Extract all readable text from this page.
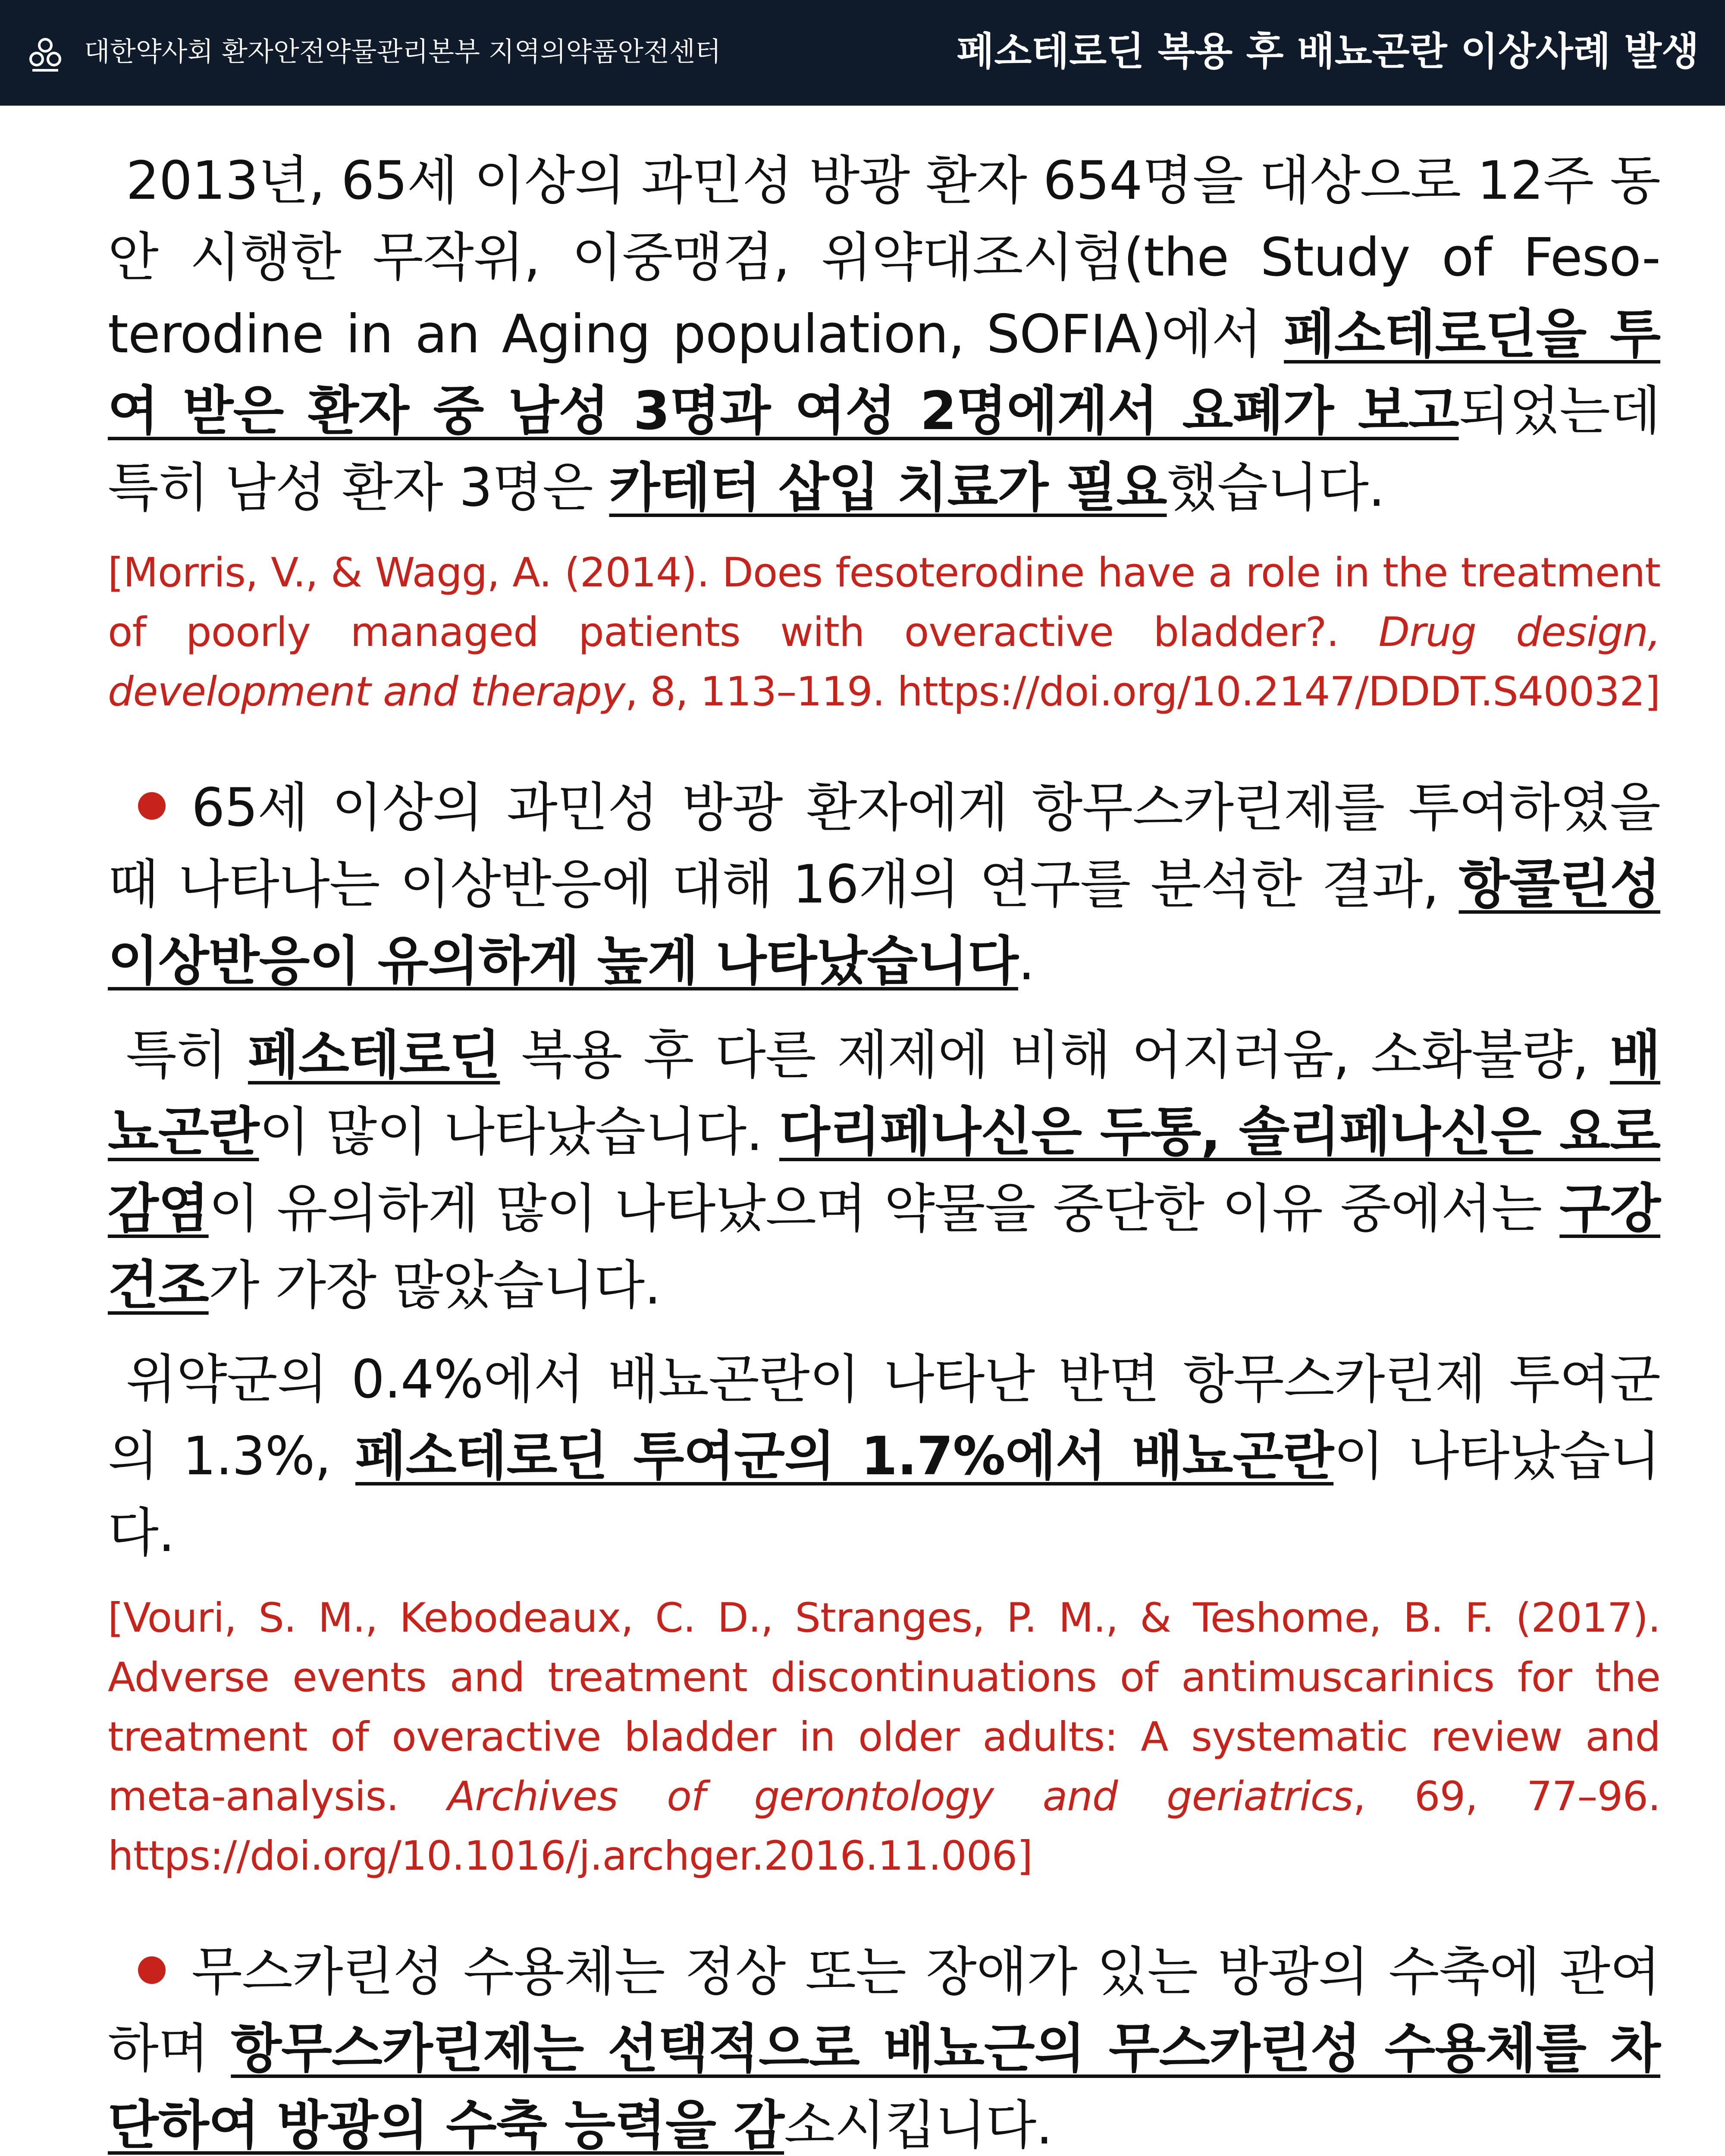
대한약사회 환자안전약물관리본부 지역의약품안전센터	페소테로딘 복용 후 배뇨곤란 이상사례 발생

2013년, 65세 이상의 과민성 방광 환자 654명을 대상으로 12주 동안 시행한 무작위, 이중맹검, 위약대조시험(the Study of Feso-terodine in an Aging population, SOFIA)에서 페소테로딘을 투여 받은 환자 중 남성 3명과 여성 2명에게서 요폐가 보고되었는데 특히 남성 환자 3명은 카테터 삽입 치료가 필요했습니다.

[Morris, V., & Wagg, A. (2014). Does fesoterodine have a role in the treatment of poorly managed patients with overactive bladder?. Drug design, development and therapy, 8, 113–119. https://doi.org/10.2147/DDDT.S40032]

65세 이상의 과민성 방광 환자에게 항무스카린제를 투여하였을 때 나타나는 이상반응에 대해 16개의 연구를 분석한 결과, 항콜린성 이상반응이 유의하게 높게 나타났습니다.

특히 페소테로딘 복용 후 다른 제제에 비해 어지러움, 소화불량, 배뇨곤란이 많이 나타났습니다. 다리페나신은 두통, 솔리페나신은 요로감염이 유의하게 많이 나타났으며 약물을 중단한 이유 중에서는 구강건조가 가장 많았습니다.

위약군의 0.4%에서 배뇨곤란이 나타난 반면 항무스카린제 투여군의 1.3%, 페소테로딘 투여군의 1.7%에서 배뇨곤란이 나타났습니다.

[Vouri, S. M., Kebodeaux, C. D., Stranges, P. M., & Teshome, B. F. (2017). Adverse events and treatment discontinuations of antimuscarinics for the treatment of overactive bladder in older adults: A systematic review and meta-analysis. Archives of gerontology and geriatrics, 69, 77–96. https://doi.org/10.1016/j.archger.2016.11.006]

무스카린성 수용체는 정상 또는 장애가 있는 방광의 수축에 관여하며 항무스카린제는 선택적으로 배뇨근의 무스카린성 수용체를 차단하여 방광의 수축 능력을 감소시킵니다.
